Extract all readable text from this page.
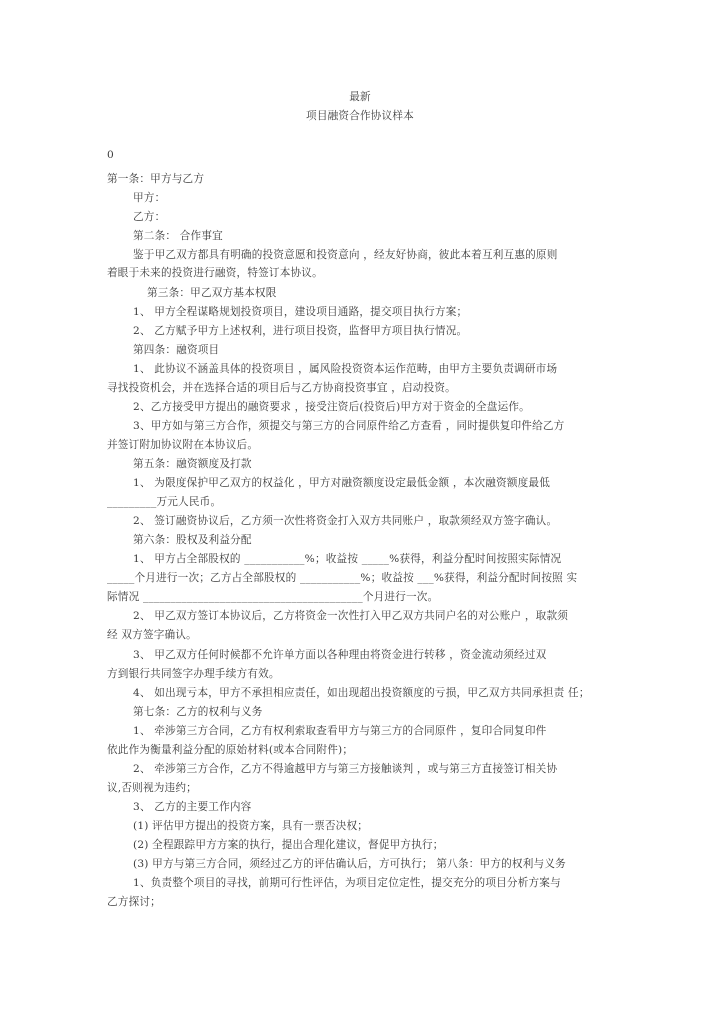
最新
项目融资合作协议样本
0
第一条：甲方与乙方
甲方：
乙方：
第二条： 合作事宜
鉴于甲乙双方都具有明确的投资意愿和投资意向 ，经友好协商，彼此本着互利互惠的原则
着眼于未来的投资进行融资，特签订本协议。
第三条：甲乙双方基本权限
1、 甲方全程谋略规划投资项目，建设项目通路，提交项目执行方案；
2、 乙方赋予甲方上述权利，进行项目投资，监督甲方项目执行情况。
第四条：融资项目
1、 此协议不涵盖具体的投资项目 ，属风险投资资本运作范畴，由甲方主要负责调研市场
寻找投资机会，并在选择合适的项目后与乙方协商投资事宜 ，启动投资。
2、乙方接受甲方提出的融资要求 ，接受注资后(投资后)甲方对于资金的全盘运作。
3、甲方如与第三方合作，须提交与第三方的合同原件给乙方查看 ，同时提供复印件给乙方
并签订附加协议附在本协议后。
第五条：融资额度及打款
1、 为限度保护甲乙双方的权益化 ，甲方对融资额度设定最低金额 ，本次融资额度最低
_________万元人民币。
2、 签订融资协议后，乙方须一次性将资金打入双方共同账户 ，取款须经双方签字确认。
第六条：股权及利益分配
1、 甲方占全部股权的 ___________%；收益按 _____%获得，利益分配时间按照实际情况
_____个月进行一次；乙方占全部股权的 ___________%；收益按 ___%获得，利益分配时间按照 实
际情况 ________________________________________个月进行一次。
2、 甲乙双方签订本协议后，乙方将资金一次性打入甲乙双方共同户名的对公账户 ，取款须
经 双方签字确认。
3、 甲乙双方任何时候都不允许单方面以各种理由将资金进行转移 ，资金流动须经过双
方到银行共同签字办理手续方有效。
4、 如出现亏本，甲方不承担相应责任，如出现超出投资额度的亏损，甲乙双方共同承担责 任；
第七条：乙方的权利与义务
1、 牵涉第三方合同，乙方有权利索取查看甲方与第三方的合同原件 ，复印合同复印件
依此作为衡量利益分配的原始材料(或本合同附件)；
2、 牵涉第三方合作，乙方不得逾越甲方与第三方接触谈判 ，或与第三方直接签订相关协
议,否则视为违约；
3、 乙方的主要工作内容
(1) 评估甲方提出的投资方案，具有一票否决权；
(2) 全程跟踪甲方方案的执行，提出合理化建议，督促甲方执行；
(3) 甲方与第三方合同，须经过乙方的评估确认后，方可执行； 第八条：甲方的权利与义务
1、负责整个项目的寻找，前期可行性评估，为项目定位定性，提交充分的项目分析方案与
乙方探讨；
